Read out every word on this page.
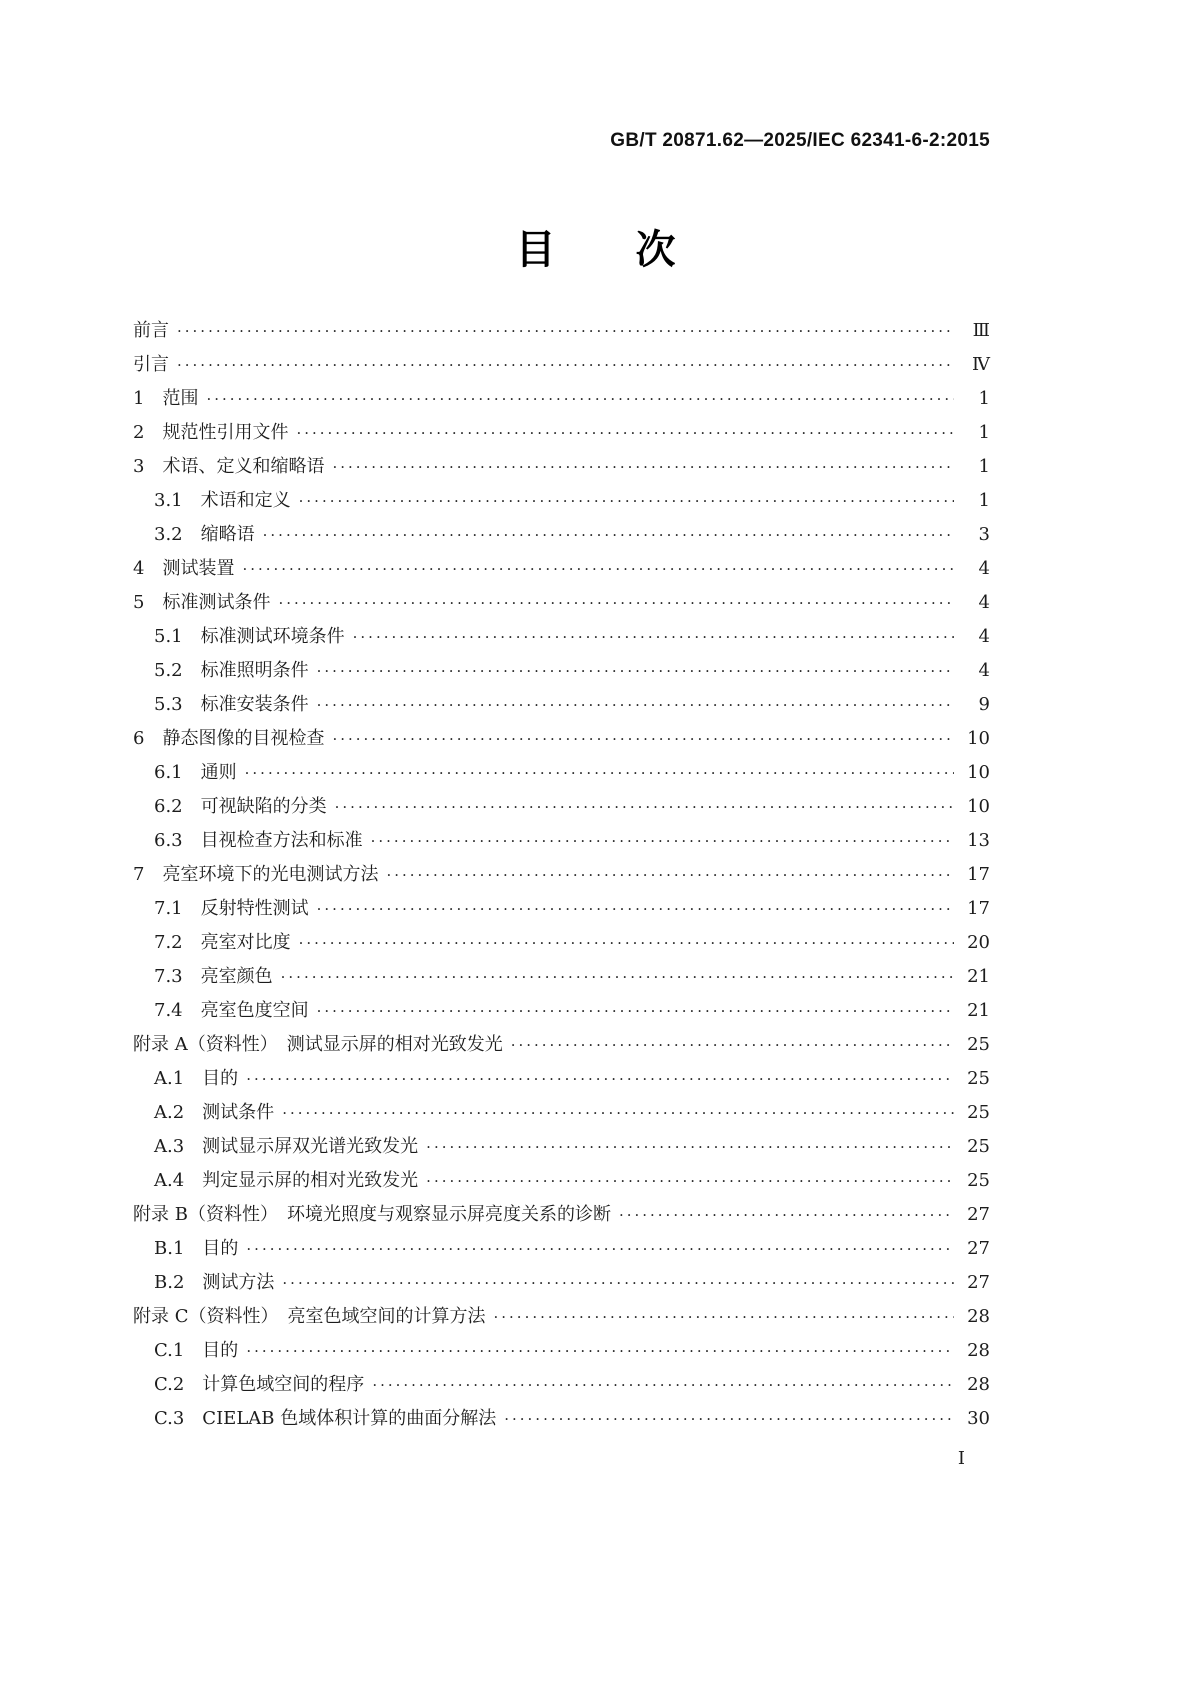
GB/T 20871.62—2025/IEC 62341-6-2:2015
目　　次
前言 ·····	Ⅲ
引言 ·····	Ⅳ
1　范围 ·····	1
2　规范性引用文件 ·····	1
3　术语、定义和缩略语 ·····	1
3.1　术语和定义 ·····	1
3.2　缩略语 ·····	3
4　测试装置 ·····	4
5　标准测试条件 ·····	4
5.1　标准测试环境条件 ·····	4
5.2　标准照明条件 ·····	4
5.3　标准安装条件 ·····	9
6　静态图像的目视检查 ·····	10
6.1　通则 ·····	10
6.2　可视缺陷的分类 ·····	10
6.3　目视检查方法和标准 ·····	13
7　亮室环境下的光电测试方法 ·····	17
7.1　反射特性测试 ·····	17
7.2　亮室对比度 ·····	20
7.3　亮室颜色 ·····	21
7.4　亮室色度空间 ·····	21
附录 A（资料性）　测试显示屏的相对光致发光 ·····	25
A.1　目的 ·····	25
A.2　测试条件 ·····	25
A.3　测试显示屏双光谱光致发光 ·····	25
A.4　判定显示屏的相对光致发光 ·····	25
附录 B（资料性）　环境光照度与观察显示屏亮度关系的诊断 ·····	27
B.1　目的 ·····	27
B.2　测试方法 ·····	27
附录 C（资料性）　亮室色域空间的计算方法 ·····	28
C.1　目的 ·····	28
C.2　计算色域空间的程序 ·····	28
C.3　CIELAB 色域体积计算的曲面分解法 ·····	30
Ⅰ
